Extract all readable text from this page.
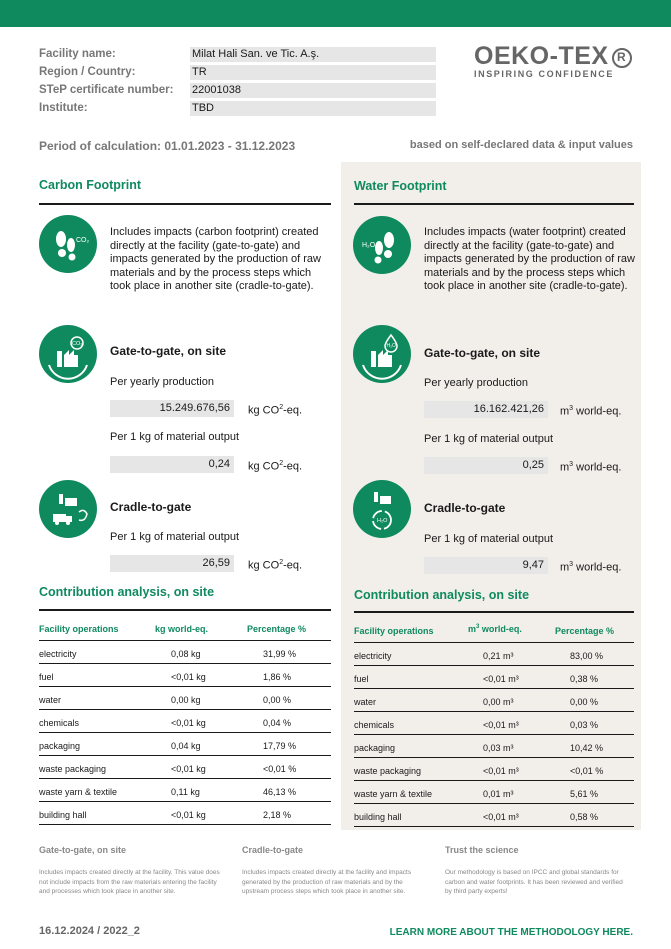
Facility name:	Milat Hali San. ve Tic. A.ş.
Region / Country:	TR
STeP certificate number:	22001038
Institute:	TBD
OEKO-TEX R
INSPIRING CONFIDENCE
Period of calculation: 01.01.2023 - 31.12.2023	based on self-declared data & input values
Carbon Footprint
CO₂
Includes impacts (carbon footprint) created directly at the facility (gate-to-gate) and impacts generated by the production of raw materials and by the process steps which took place in another site (cradle-to-gate).
CO₂ Gate-to-gate, on site
Per yearly production
15.249.676,56	kg $CO^2-eq$.
Per 1 kg of material output
0,24	kg $CO^2-eq$.
Cradle-to-gate
Per 1 kg of material output
26,59	kg $CO^2-eq$.
Contribution analysis, on site
Facility operations	kg world-eq.	Percentage %
electricity	0,08 kg	31,99 %
fuel	<0,01 kg	1,86 %
water	0,00 kg	0,00 %
chemicals	<0,01 kg	0,04 %
packaging	0,04 kg	17,79 %
waste packaging	<0,01 kg	<0,01 %
waste yarn & textile	0,11 kg	46,13 %
building hall	<0,01 kg	2,18 %
Water Footprint
H₂O
Includes impacts (water footprint) created directly at the facility (gate-to-gate) and impacts generated by the production of raw materials and by the process steps which took place in another site (cradle-to-gate).
H₂O Gate-to-gate, on site
Per yearly production
16.162.421,26	$m^3$ world-eq.
Per 1 kg of material output
0,25	$m^3$ world-eq.
H₂O
Cradle-to-gate
Per 1 kg of material output
9,47	$m^3$ world-eq.
Contribution analysis, on site
Facility operations	$m^3$ world-eq.	Percentage %
electricity	0,21 m³	83,00 %
fuel	<0,01 m³	0,38 %
water	0,00 m³	0,00 %
chemicals	<0,01 m³	0,03 %
packaging	0,03 m³	10,42 %
waste packaging	<0,01 m³	<0,01 %
waste yarn & textile	0,01 m³	5,61 %
building hall	<0,01 m³	0,58 %
Gate-to-gate, on site
Includes impacts created directly at the facility. This value does not include impacts from the raw materials entering the facility and processes which took place in another site.
Cradle-to-gate
Includes impacts created directly at the facility and impacts generated by the production of raw materials and by the upstream process steps which took place in another site.
Trust the science
Our methodology is based on IPCC and global standards for carbon and water footprints. It has been reviewed and verified by third party experts!
16.12.2024 / 2022_2	LEARN MORE ABOUT THE METHODOLOGY HERE.
